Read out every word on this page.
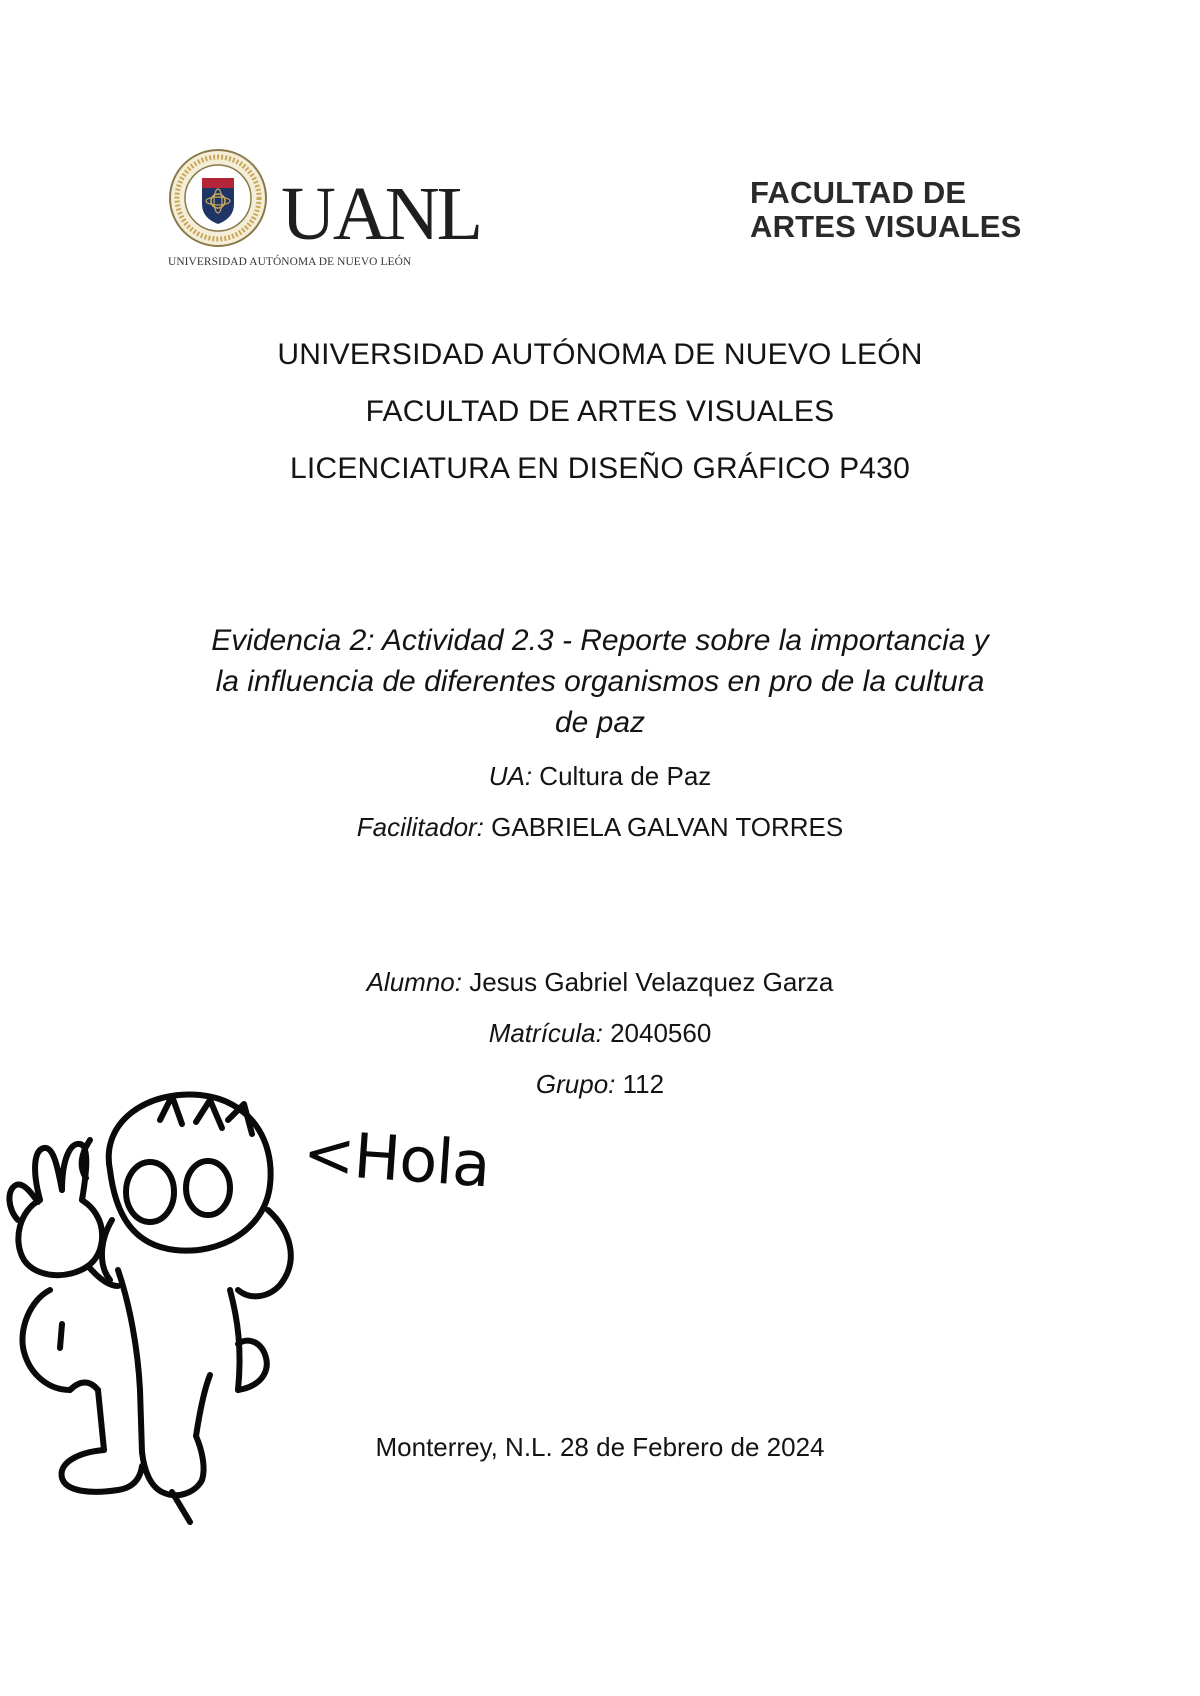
UANL
UNIVERSIDAD AUTÓNOMA DE NUEVO LEÓN
FACULTAD DE
ARTES VISUALES
UNIVERSIDAD AUTÓNOMA DE NUEVO LEÓN
FACULTAD DE ARTES VISUALES
LICENCIATURA EN DISEÑO GRÁFICO P430
Evidencia 2: Actividad 2.3 - Reporte sobre la importancia y
la influencia de diferentes organismos en pro de la cultura
de paz
UA: Cultura de Paz
Facilitador: GABRIELA GALVAN TORRES
Alumno: Jesus Gabriel Velazquez Garza
Matrícula: 2040560
Grupo: 112
<Hola
Monterrey, N.L. 28 de Febrero de 2024
